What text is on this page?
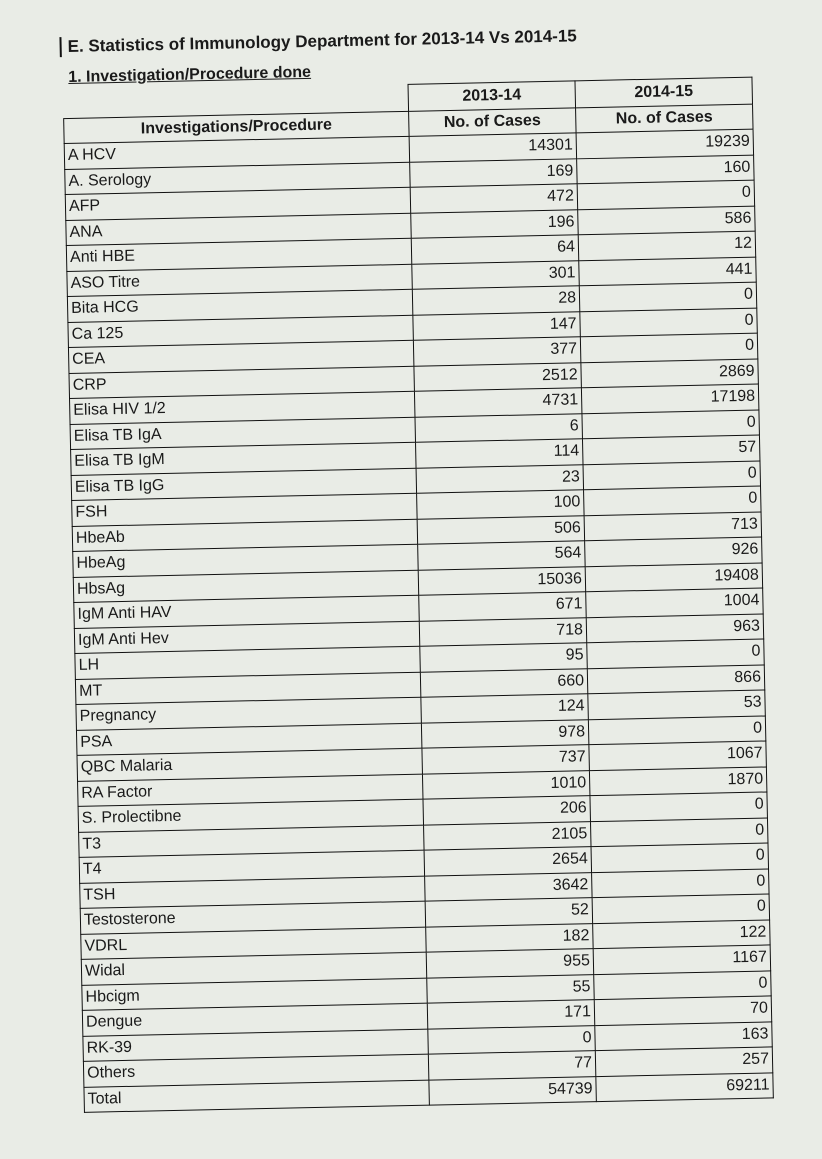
E. Statistics of Immunology Department for 2013-14 Vs 2014-15
1. Investigation/Procedure done
	2013-14	2014-15
Investigations/Procedure	No. of Cases	No. of Cases
A HCV	14301	19239
A. Serology	169	160
AFP	472	0
ANA	196	586
Anti HBE	64	12
ASO Titre	301	441
Bita HCG	28	0
Ca 125	147	0
CEA	377	0
CRP	2512	2869
Elisa HIV 1/2	4731	17198
Elisa TB IgA	6	0
Elisa TB IgM	114	57
Elisa TB IgG	23	0
FSH	100	0
HbeAb	506	713
HbeAg	564	926
HbsAg	15036	19408
IgM Anti HAV	671	1004
IgM Anti Hev	718	963
LH	95	0
MT	660	866
Pregnancy	124	53
PSA	978	0
QBC Malaria	737	1067
RA Factor	1010	1870
S. Prolectibne	206	0
T3	2105	0
T4	2654	0
TSH	3642	0
Testosterone	52	0
VDRL	182	122
Widal	955	1167
Hbcigm	55	0
Dengue	171	70
RK-39	0	163
Others	77	257
Total	54739	69211
